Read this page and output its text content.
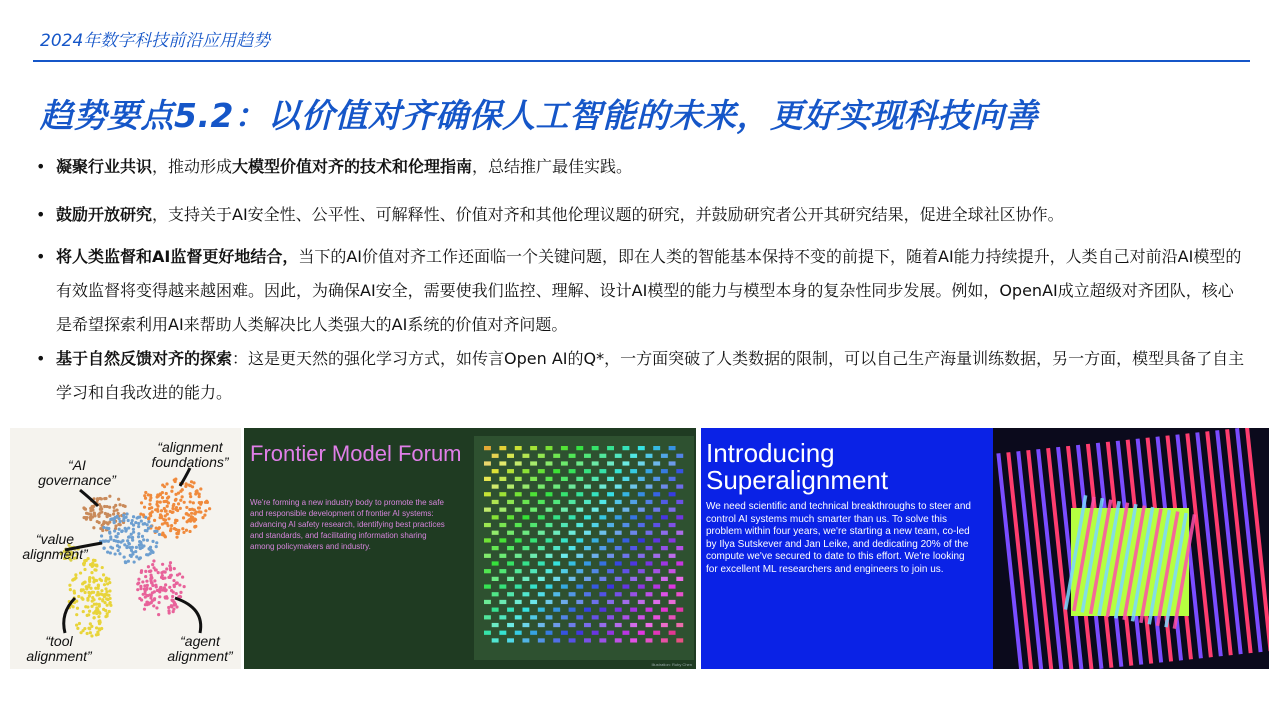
2024年数字科技前沿应用趋势
趋势要点5.2：以价值对齐确保人工智能的未来，更好实现科技向善
• 凝聚行业共识，推动形成大模型价值对齐的技术和伦理指南，总结推广最佳实践。
• 鼓励开放研究，支持关于AI安全性、公平性、可解释性、价值对齐和其他伦理议题的研究，并鼓励研究者公开其研究结果，促进全球社区协作。
• 将人类监督和AI监督更好地结合，当下的AI价值对齐工作还面临一个关键问题，即在人类的智能基本保持不变的前提下，随着AI能力持续提升，人类自己对前沿AI模型的有效监督将变得越来越困难。因此，为确保AI安全，需要使我们监控、理解、设计AI模型的能力与模型本身的复杂性同步发展。例如，OpenAI成立超级对齐团队，核心是希望探索利用AI来帮助人类解决比人类强大的AI系统的价值对齐问题。
• 基于自然反馈对齐的探索：这是更天然的强化学习方式，如传言Open AI的Q*，一方面突破了人类数据的限制，可以自己生产海量训练数据，另一方面，模型具备了自主学习和自我改进的能力。
“AI governance”
“alignment foundations”
“value alignment”
“tool alignment”
“agent alignment”
Frontier Model Forum
We're forming a new industry body to promote the safe and responsible development of frontier AI systems: advancing AI safety research, identifying best practices and standards, and facilitating information sharing among policymakers and industry.
Illustration: Ruby Chen
Introducing Superalignment
We need scientific and technical breakthroughs to steer and control AI systems much smarter than us. To solve this problem within four years, we're starting a new team, co-led by Ilya Sutskever and Jan Leike, and dedicating 20% of the compute we've secured to date to this effort. We're looking for excellent ML researchers and engineers to join us.
